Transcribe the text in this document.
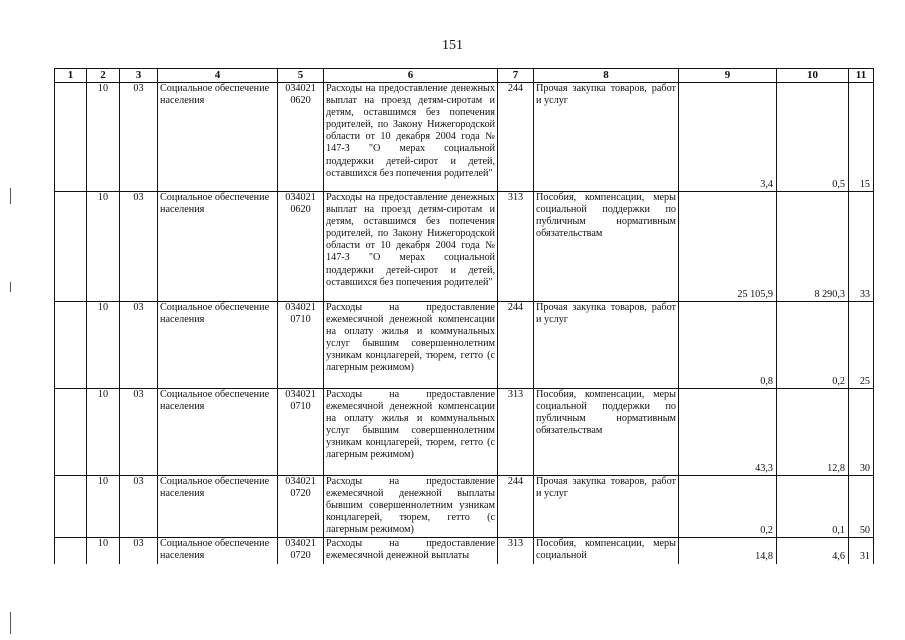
151
1	2	3	4	5	6	7	8	9	10	11
	10	03	Социальное обеспечение населения	034021 0620	Расходы на предоставление денежных выплат на проезд детям-сиротам и детям, оставшимся без попечения родителей, по Закону Нижегородской области от 10 декабря 2004 года № 147-З "О мерах социальной поддержки детей-сирот и детей, оставшихся без попечения родителей"	244	Прочая закупка товаров, работ и услуг	3,4	0,5	15
	10	03	Социальное обеспечение населения	034021 0620	Расходы на предоставление денежных выплат на проезд детям-сиротам и детям, оставшимся без попечения родителей, по Закону Нижегородской области от 10 декабря 2004 года № 147-З "О мерах социальной поддержки детей-сирот и детей, оставшихся без попечения родителей"	313	Пособия, компенсации, меры социальной поддержки по публичным нормативным обязательствам	25 105,9	8 290,3	33
	10	03	Социальное обеспечение населения	034021 0710	Расходы на предоставление ежемесячной денежной компенсации на оплату жилья и коммунальных услуг бывшим совершеннолетним узникам концлагерей, тюрем, гетто (с лагерным режимом)	244	Прочая закупка товаров, работ и услуг	0,8	0,2	25
	10	03	Социальное обеспечение населения	034021 0710	Расходы на предоставление ежемесячной денежной компенсации на оплату жилья и коммунальных услуг бывшим совершеннолетним узникам концлагерей, тюрем, гетто (с лагерным режимом)	313	Пособия, компенсации, меры социальной поддержки по публичным нормативным обязательствам	43,3	12,8	30
	10	03	Социальное обеспечение населения	034021 0720	Расходы на предоставление ежемесячной денежной выплаты бывшим совершеннолетним узникам концлагерей, тюрем, гетто (с лагерным режимом)	244	Прочая закупка товаров, работ и услуг	0,2	0,1	50
	10	03	Социальное обеспечение населения	034021 0720	Расходы на предоставление ежемесячной денежной выплаты	313	Пособия, компенсации, меры социальной	14,8	4,6	31
